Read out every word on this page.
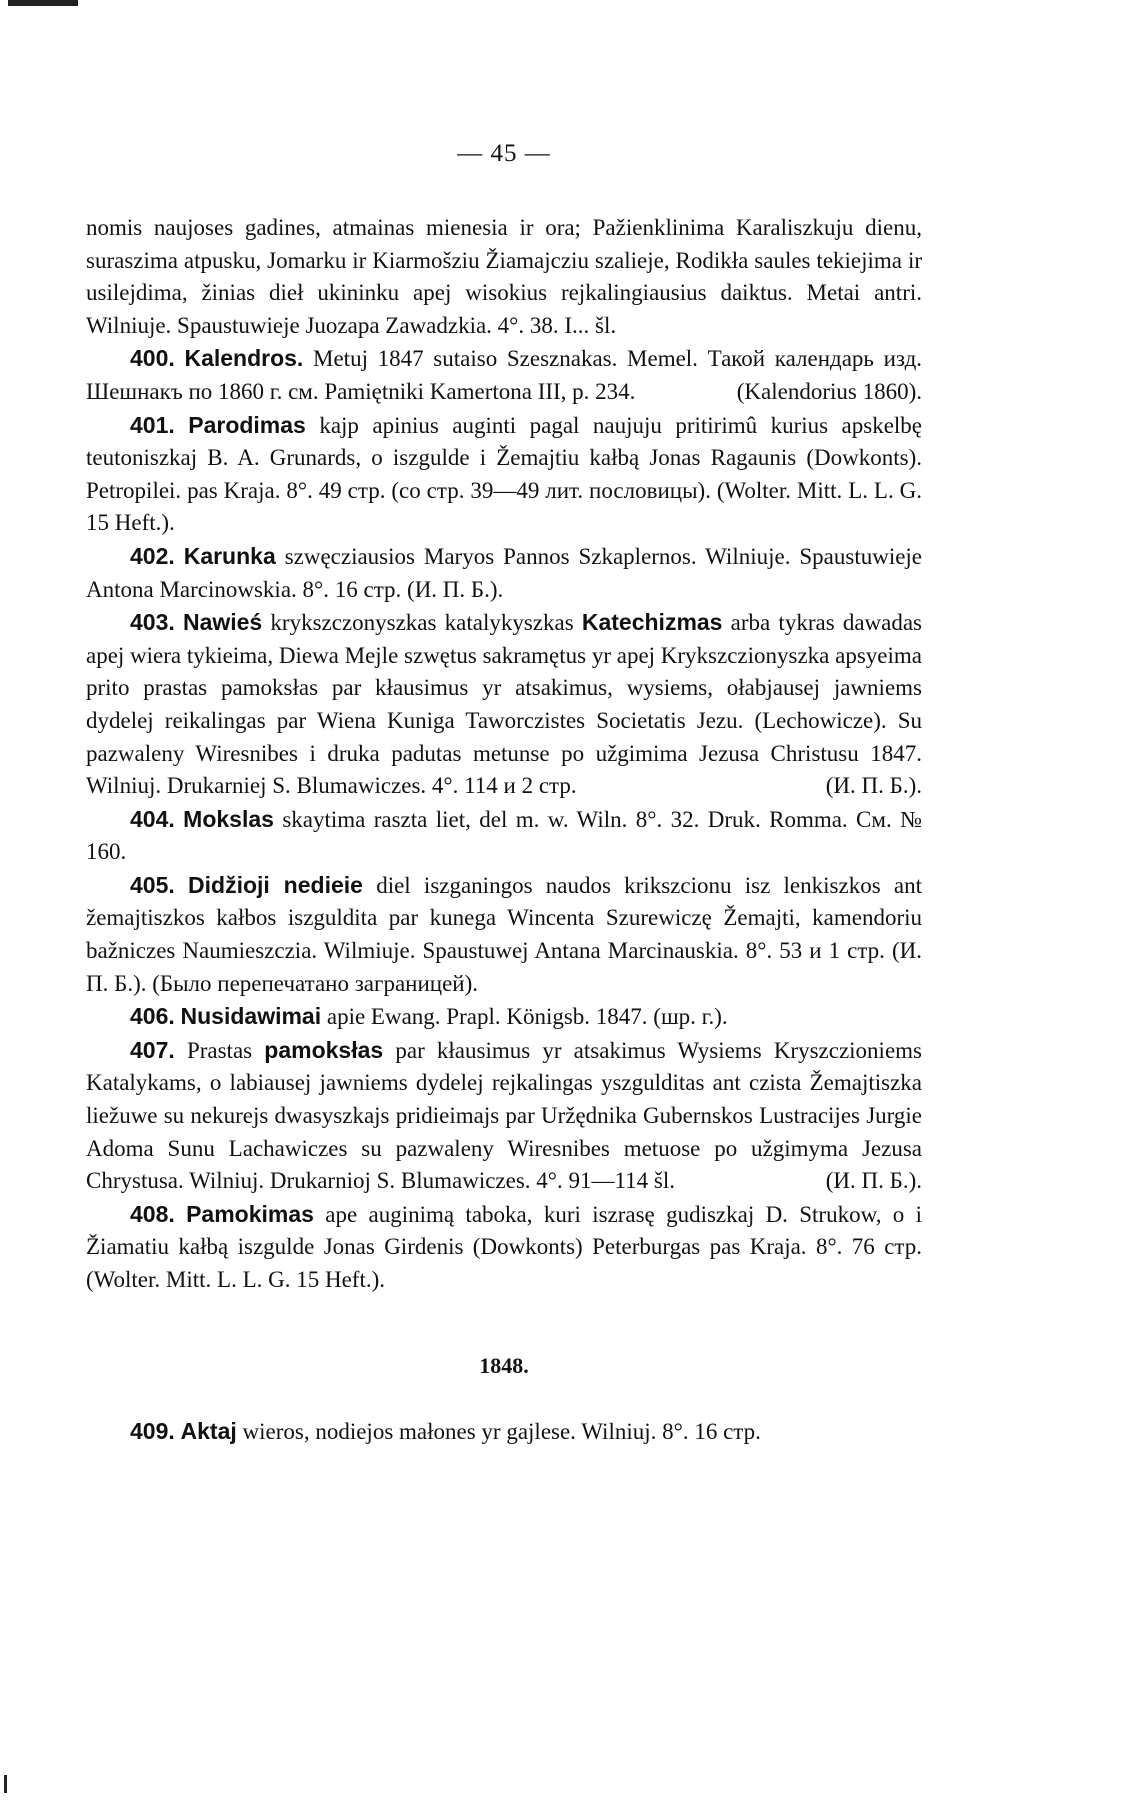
— 45 —

nomis naujoses gadines, atmainas mienesia ir ora; Pažienklinima Karaliszkuju dienu, suraszima atpusku, Jomarku ir Kiarmošziu Žiamajcziu szalieje, Rodikła saules tekiejima ir usilejdima, žinias dieł ukininku apej wisokius rejkalingiausius daiktus. Metai antri. Wilniuje. Spaustuwieje Juozapa Zawadzkia. 4°. 38. I... šl.

400. Kalendros. Metuj 1847 sutaiso Szesznakas. Memel. Такой календарь изд. Шешнакъ по 1860 г. см. Pamiętniki Kamertona III, p. 234.	(Kalendorius 1860).

401. Parodimas kajp apinius auginti pagal naujuju pritirimû kurius apskelbę teutoniszkaj B. A. Grunards, o iszgulde i Žemajtiu kałbą Jonas Ragaunis (Dowkonts). Petropilei. pas Kraja. 8°. 49 стр. (со стр. 39—49 лит. пословицы). (Wolter. Mitt. L. L. G. 15 Heft.).

402. Karunka szwęcziausios Maryos Pannos Szkaplernos. Wilniuje. Spaustuwieje Antona Marcinowskia. 8°. 16 стр. (И. П. Б.).

403. Nawieś krykszczonyszkas katalykyszkas Katechizmas arba tykras dawadas apej wiera tykieima, Diewa Mejle szwętus sakramętus yr apej Krykszczionyszka apsyeima prito prastas pamoksłas par kłausimus yr atsakimus, wysiems, ołabjausej jawniems dydelej reikalingas par Wiena Kuniga Taworczistes Societatis Jezu. (Lechowicze). Su pazwaleny Wiresnibes i druka padutas metunse po užgimima Jezusa Christusu 1847. Wilniuj. Drukarniej S. Blumawiczes. 4°. 114 и 2 стр.	(И. П. Б.).

404. Mokslas skaytima raszta liet, del m. w. Wiln. 8°. 32. Druk. Romma. См. № 160.

405. Didžioji nedieie diel iszganingos naudos krikszcionu isz lenkiszkos ant žemajtiszkos kałbos iszguldita par kunega Wincenta Szurewiczę Žemajti, kamendoriu bažniczes Naumieszczia. Wilmiuje. Spaustuwej Antana Marcinauskia. 8°. 53 и 1 стр. (И. П. Б.). (Было перепечатано заграницей).

406. Nusidawimai apie Ewang. Prapl. Königsb. 1847. (шр. г.).

407. Prastas pamoksłas par kłausimus yr atsakimus Wysiems Kryszczioniems Katalykams, o labiausej jawniems dydelej rejkalingas yszgulditas ant czista Žemajtiszka liežuwe su nekurejs dwasyszkajs pridieimajs par Uržędnika Gubernskos Lustracijes Jurgie Adoma Sunu Lachawiczes su pazwaleny Wiresnibes metuose po užgimyma Jezusa Chrystusa. Wilniuj. Drukarnioj S. Blumawiczes. 4°. 91—114 šl.	(И. П. Б.).

408. Pamokimas ape auginimą taboka, kuri iszrasę gudiszkaj D. Strukow, o i Žiamatiu kałbą iszgulde Jonas Girdenis (Dowkonts) Peterburgas pas Kraja. 8°. 76 стр. (Wolter. Mitt. L. L. G. 15 Heft.).

1848.

409. Aktaj wieros, nodiejos małones yr gajlese. Wilniuj. 8°. 16 стр.
